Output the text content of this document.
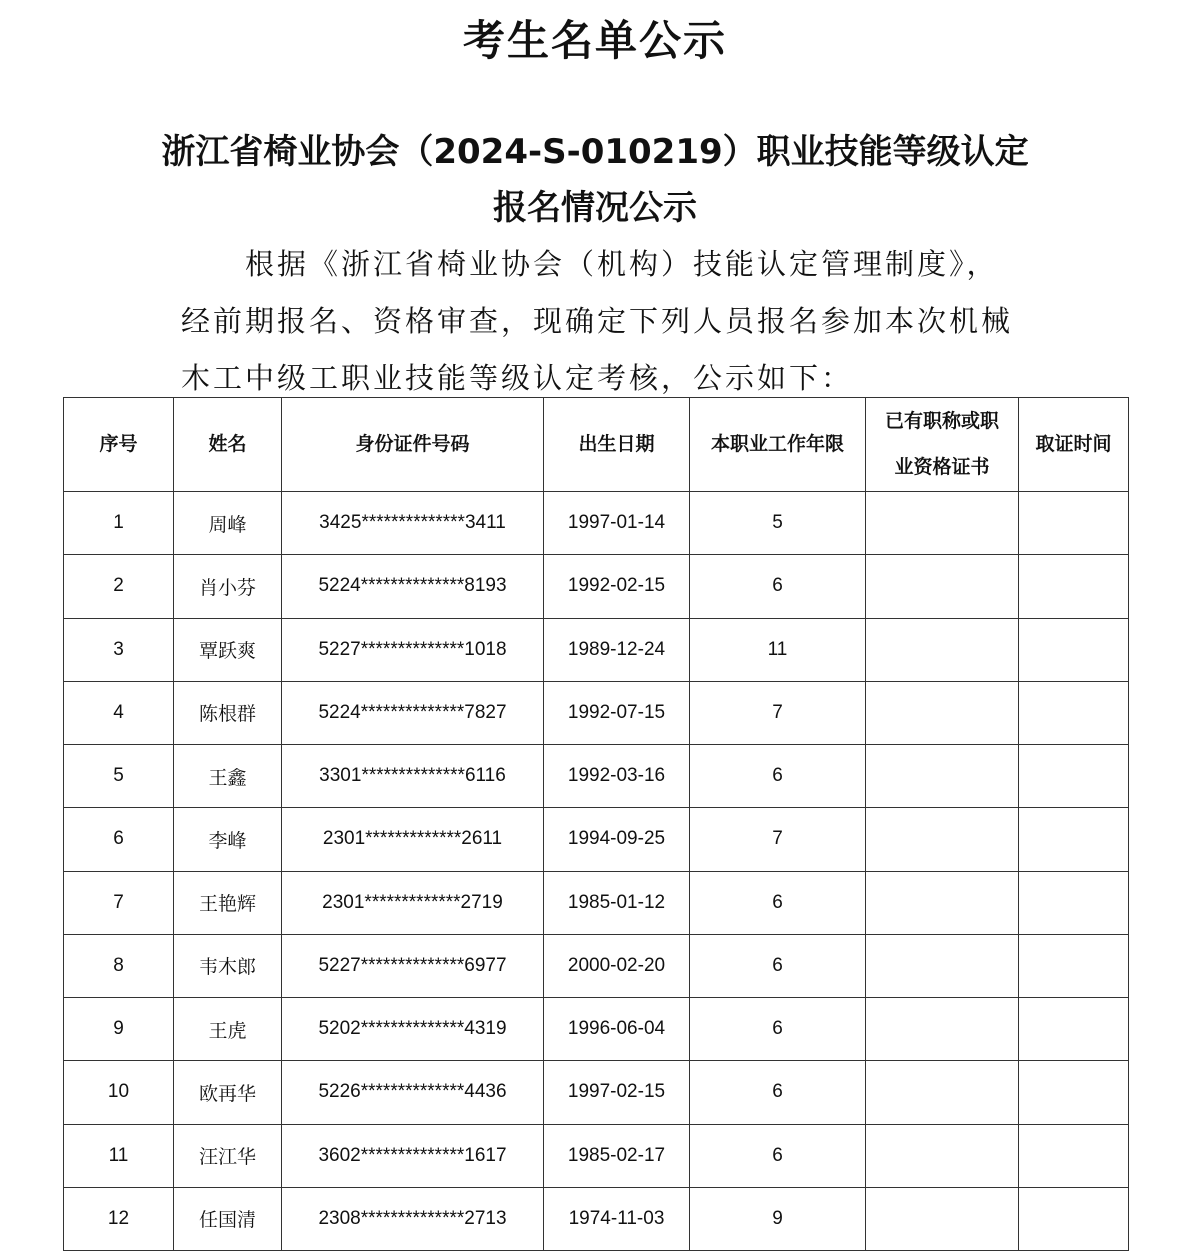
考生名单公示
浙江省椅业协会（2024-S-010219）职业技能等级认定
报名情况公示
根据《浙江省椅业协会（机构）技能认定管理制度》，
经前期报名、资格审查，现确定下列人员报名参加本次机械
木工中级工职业技能等级认定考核，公示如下：
序号	姓名	身份证件号码	出生日期	本职业工作年限	已有职称或职
业资格证书	取证时间
1	周峰	3425**************3411	1997-01-14	5		
2	肖小芬	5224**************8193	1992-02-15	6		
3	覃跃爽	5227**************1018	1989-12-24	11		
4	陈根群	5224**************7827	1992-07-15	7		
5	王鑫	3301**************6116	1992-03-16	6		
6	李峰	2301*************2611	1994-09-25	7		
7	王艳辉	2301*************2719	1985-01-12	6		
8	韦木郎	5227**************6977	2000-02-20	6		
9	王虎	5202**************4319	1996-06-04	6		
10	欧再华	5226**************4436	1997-02-15	6		
11	汪江华	3602**************1617	1985-02-17	6		
12	任国清	2308**************2713	1974-11-03	9		
